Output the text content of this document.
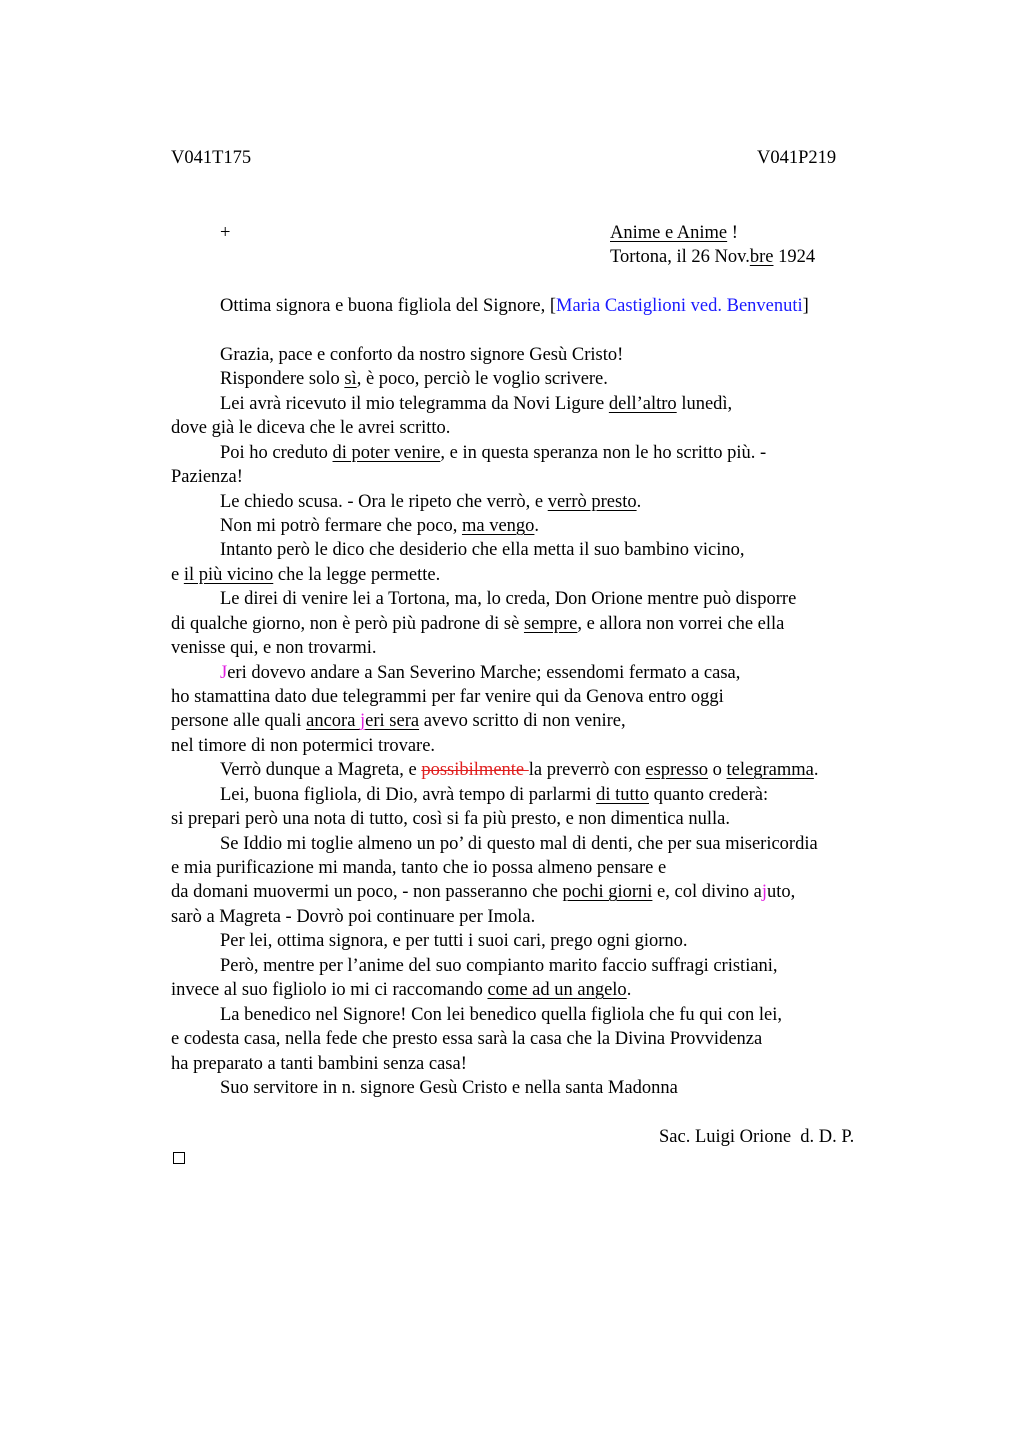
V041T175	V041P219
+	Anime e Anime !
Tortona, il 26 Nov.bre 1924
Ottima signora e buona figliola del Signore, [Maria Castiglioni ved. Benvenuti]
Grazia, pace e conforto da nostro signore Gesù Cristo!
Rispondere solo sì, è poco, perciò le voglio scrivere.
Lei avrà ricevuto il mio telegramma da Novi Ligure dell’altro lunedì,
dove già le diceva che le avrei scritto.
Poi ho creduto di poter venire, e in questa speranza non le ho scritto più. -
Pazienza!
Le chiedo scusa. - Ora le ripeto che verrò, e verrò presto.
Non mi potrò fermare che poco, ma vengo.
Intanto però le dico che desiderio che ella metta il suo bambino vicino,
e il più vicino che la legge permette.
Le direi di venire lei a Tortona, ma, lo creda, Don Orione mentre può disporre
di qualche giorno, non è però più padrone di sè sempre, e allora non vorrei che ella
venisse qui, e non trovarmi.
Jeri dovevo andare a San Severino Marche; essendomi fermato a casa,
ho stamattina dato due telegrammi per far venire qui da Genova entro oggi
persone alle quali ancora jeri sera avevo scritto di non venire,
nel timore di non potermici trovare.
Verrò dunque a Magreta, e possibilmente la preverrò con espresso o telegramma.
Lei, buona figliola, di Dio, avrà tempo di parlarmi di tutto quanto crederà:
si prepari però una nota di tutto, così si fa più presto, e non dimentica nulla.
Se Iddio mi toglie almeno un po’ di questo mal di denti, che per sua misericordia
e mia purificazione mi manda, tanto che io possa almeno pensare e
da domani muovermi un poco, - non passeranno che pochi giorni e, col divino ajuto,
sarò a Magreta - Dovrò poi continuare per Imola.
Per lei, ottima signora, e per tutti i suoi cari, prego ogni giorno.
Però, mentre per l’anime del suo compianto marito faccio suffragi cristiani,
invece al suo figliolo io mi ci raccomando come ad un angelo.
La benedico nel Signore! Con lei benedico quella figliola che fu qui con lei,
e codesta casa, nella fede che presto essa sarà la casa che la Divina Provvidenza
ha preparato a tanti bambini senza casa!
Suo servitore in n. signore Gesù Cristo e nella santa Madonna
Sac. Luigi Orione  d. D. P.
